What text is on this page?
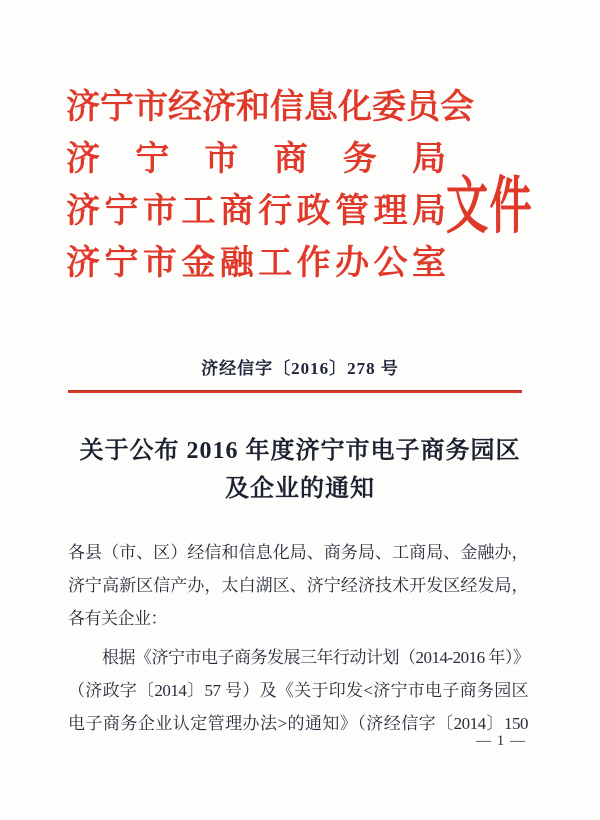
济宁市经济和信息化委员会
济宁市商务局
济宁市工商行政管理局
济宁市金融工作办公室
文件
济经信字〔2016〕278 号
关于公布 2016 年度济宁市电子商务园区
及企业的通知
各县（市、区）经信和信息化局、商务局、工商局、金融办，
济宁高新区信产办，太白湖区、济宁经济技术开发区经发局，
各有关企业：
根据《济宁市电子商务发展三年行动计划（2014-2016 年）》
（济政字〔2014〕57 号）及《关于印发<济宁市电子商务园区
电子商务企业认定管理办法>的通知》（济经信字〔2014〕150
— 1 —
